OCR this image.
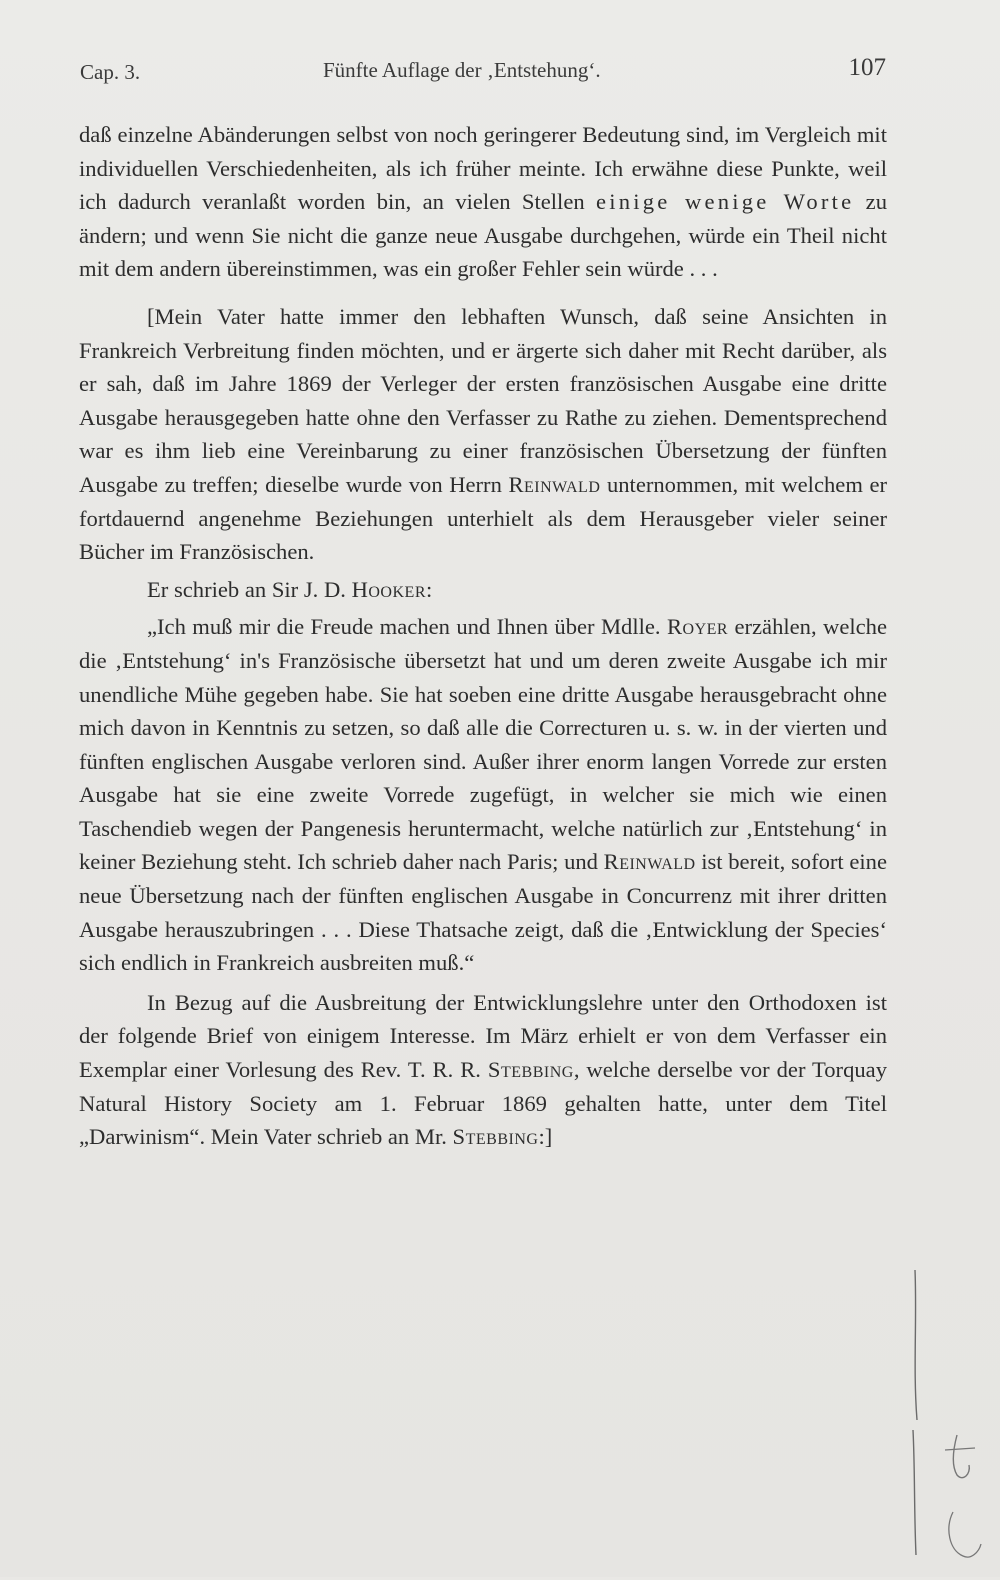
Cap. 3.	Fünfte Auflage der ‚Entstehung‘.	107

daß einzelne Abänderungen selbst von noch geringerer Bedeutung sind, im Vergleich mit individuellen Verschiedenheiten, als ich früher meinte. Ich erwähne diese Punkte, weil ich dadurch veranlaßt worden bin, an vielen Stellen einige wenige Worte zu ändern; und wenn Sie nicht die ganze neue Ausgabe durchgehen, würde ein Theil nicht mit dem andern übereinstimmen, was ein großer Fehler sein würde . . .

[Mein Vater hatte immer den lebhaften Wunsch, daß seine Ansichten in Frankreich Verbreitung finden möchten, und er ärgerte sich daher mit Recht darüber, als er sah, daß im Jahre 1869 der Verleger der ersten französischen Ausgabe eine dritte Ausgabe herausgegeben hatte ohne den Verfasser zu Rathe zu ziehen. Dementsprechend war es ihm lieb eine Vereinbarung zu einer französischen Übersetzung der fünften Ausgabe zu treffen; dieselbe wurde von Herrn Reinwald unternommen, mit welchem er fortdauernd angenehme Beziehungen unterhielt als dem Herausgeber vieler seiner Bücher im Französischen.

Er schrieb an Sir J. D. Hooker:

„Ich muß mir die Freude machen und Ihnen über Mdlle. Royer erzählen, welche die ‚Entstehung‘ in's Französische übersetzt hat und um deren zweite Ausgabe ich mir unendliche Mühe gegeben habe. Sie hat soeben eine dritte Ausgabe herausgebracht ohne mich davon in Kenntnis zu setzen, so daß alle die Correcturen u. s. w. in der vierten und fünften englischen Ausgabe verloren sind. Außer ihrer enorm langen Vorrede zur ersten Ausgabe hat sie eine zweite Vorrede zugefügt, in welcher sie mich wie einen Taschendieb wegen der Pangenesis heruntermacht, welche natürlich zur ‚Entstehung‘ in keiner Beziehung steht. Ich schrieb daher nach Paris; und Reinwald ist bereit, sofort eine neue Übersetzung nach der fünften englischen Ausgabe in Concurrenz mit ihrer dritten Ausgabe herauszubringen . . . Diese Thatsache zeigt, daß die ‚Entwicklung der Species‘ sich endlich in Frankreich ausbreiten muß.“

In Bezug auf die Ausbreitung der Entwicklungslehre unter den Orthodoxen ist der folgende Brief von einigem Interesse. Im März erhielt er von dem Verfasser ein Exemplar einer Vorlesung des Rev. T. R. R. Stebbing, welche derselbe vor der Torquay Natural History Society am 1. Februar 1869 gehalten hatte, unter dem Titel „Darwinism“. Mein Vater schrieb an Mr. Stebbing:]
